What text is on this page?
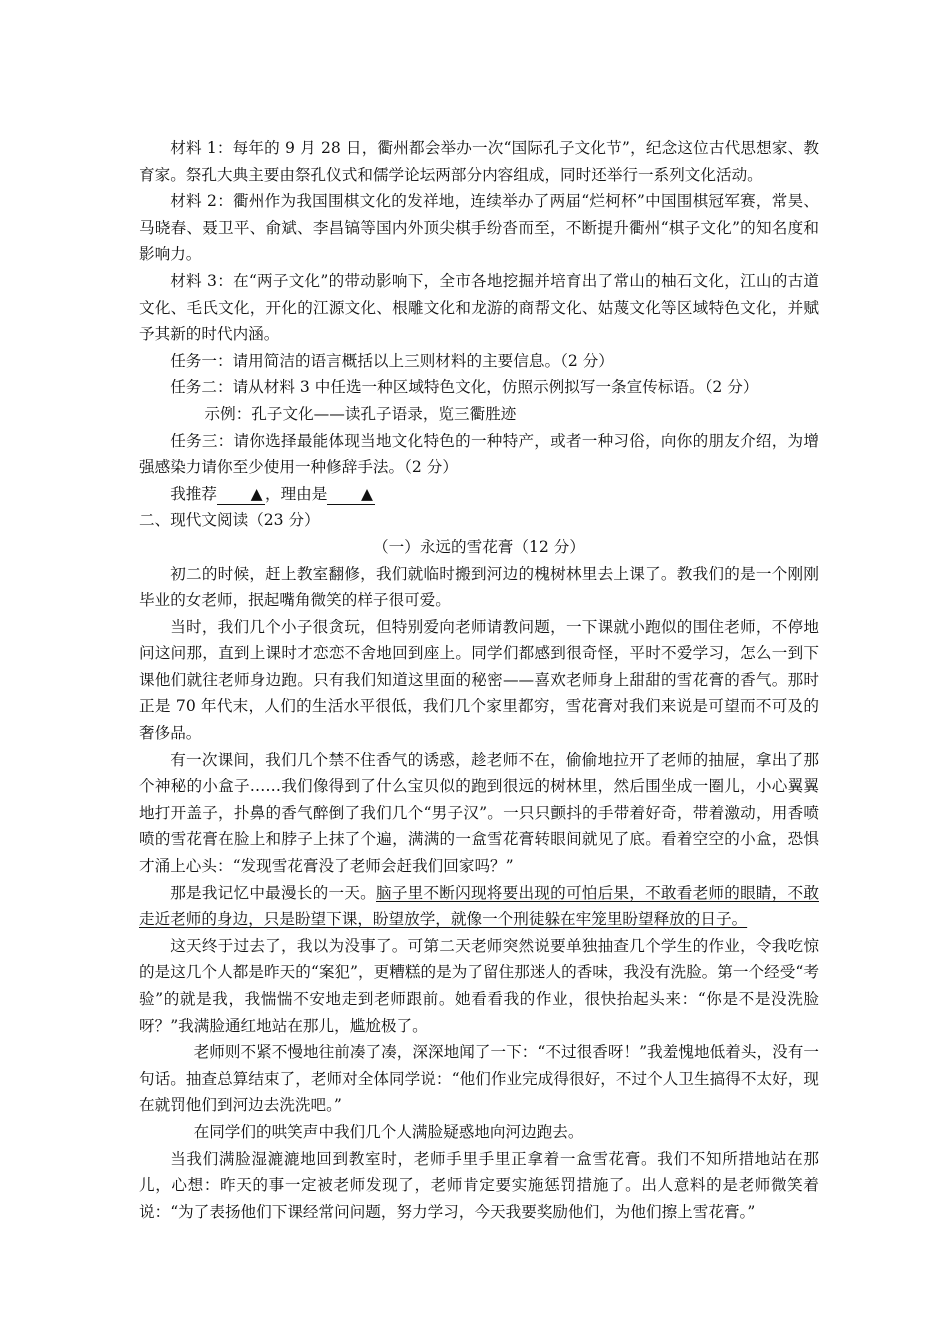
材料 1：每年的 9 月 28 日，衢州都会举办一次“国际孔子文化节”，纪念这位古代思想家、教育家。祭孔大典主要由祭孔仪式和儒学论坛两部分内容组成，同时还举行一系列文化活动。

材料 2：衢州作为我国围棋文化的发祥地，连续举办了两届“烂柯杯”中国围棋冠军赛，常昊、马晓春、聂卫平、俞斌、李昌镐等国内外顶尖棋手纷沓而至，不断提升衢州“棋子文化”的知名度和影响力。

材料 3：在“两子文化”的带动影响下，全市各地挖掘并培育出了常山的柚石文化，江山的古道文化、毛氏文化，开化的江源文化、根雕文化和龙游的商帮文化、姑蔑文化等区域特色文化，并赋予其新的时代内涵。

任务一：请用简洁的语言概括以上三则材料的主要信息。（2 分）

任务二：请从材料 3 中任选一种区域特色文化，仿照示例拟写一条宣传标语。（2 分）

示例：孔子文化——读孔子语录，览三衢胜迹

任务三：请你选择最能体现当地文化特色的一种特产，或者一种习俗，向你的朋友介绍，为增强感染力请你至少使用一种修辞手法。（2 分）

我推荐 ▲ ，理由是 ▲

二、现代文阅读（23 分）

（一）永远的雪花膏（12 分）

初二的时候，赶上教室翻修，我们就临时搬到河边的槐树林里去上课了。教我们的是一个刚刚毕业的女老师，抿起嘴角微笑的样子很可爱。

当时，我们几个小子很贪玩，但特别爱向老师请教问题，一下课就小跑似的围住老师，不停地问这问那，直到上课时才恋恋不舍地回到座上。同学们都感到很奇怪，平时不爱学习，怎么一到下课他们就往老师身边跑。只有我们知道这里面的秘密——喜欢老师身上甜甜的雪花膏的香气。那时正是 70 年代末，人们的生活水平很低，我们几个家里都穷，雪花膏对我们来说是可望而不可及的奢侈品。

有一次课间，我们几个禁不住香气的诱惑，趁老师不在，偷偷地拉开了老师的抽屉，拿出了那个神秘的小盒子……我们像得到了什么宝贝似的跑到很远的树林里，然后围坐成一圈儿，小心翼翼地打开盖子，扑鼻的香气醉倒了我们几个“男子汉”。一只只颤抖的手带着好奇，带着激动，用香喷喷的雪花膏在脸上和脖子上抹了个遍，满满的一盒雪花膏转眼间就见了底。看着空空的小盒，恐惧才涌上心头：“发现雪花膏没了老师会赶我们回家吗？”

那是我记忆中最漫长的一天。脑子里不断闪现将要出现的可怕后果，不敢看老师的眼睛，不敢走近老师的身边，只是盼望下课，盼望放学，就像一个刑徒躲在牢笼里盼望释放的日子。

这天终于过去了，我以为没事了。可第二天老师突然说要单独抽查几个学生的作业，令我吃惊的是这几个人都是昨天的“案犯”，更糟糕的是为了留住那迷人的香味，我没有洗脸。第一个经受“考验”的就是我，我惴惴不安地走到老师跟前。她看看我的作业，很快抬起头来：“你是不是没洗脸呀？”我满脸通红地站在那儿，尴尬极了。

老师则不紧不慢地往前凑了凑，深深地闻了一下：“不过很香呀！”我羞愧地低着头，没有一句话。抽查总算结束了，老师对全体同学说：“他们作业完成得很好，不过个人卫生搞得不太好，现在就罚他们到河边去洗洗吧。”

在同学们的哄笑声中我们几个人满脸疑惑地向河边跑去。

当我们满脸湿漉漉地回到教室时，老师手里手里正拿着一盒雪花膏。我们不知所措地站在那儿，心想：昨天的事一定被老师发现了，老师肯定要实施惩罚措施了。出人意料的是老师微笑着说：“为了表扬他们下课经常问问题，努力学习，今天我要奖励他们，为他们擦上雪花膏。”
